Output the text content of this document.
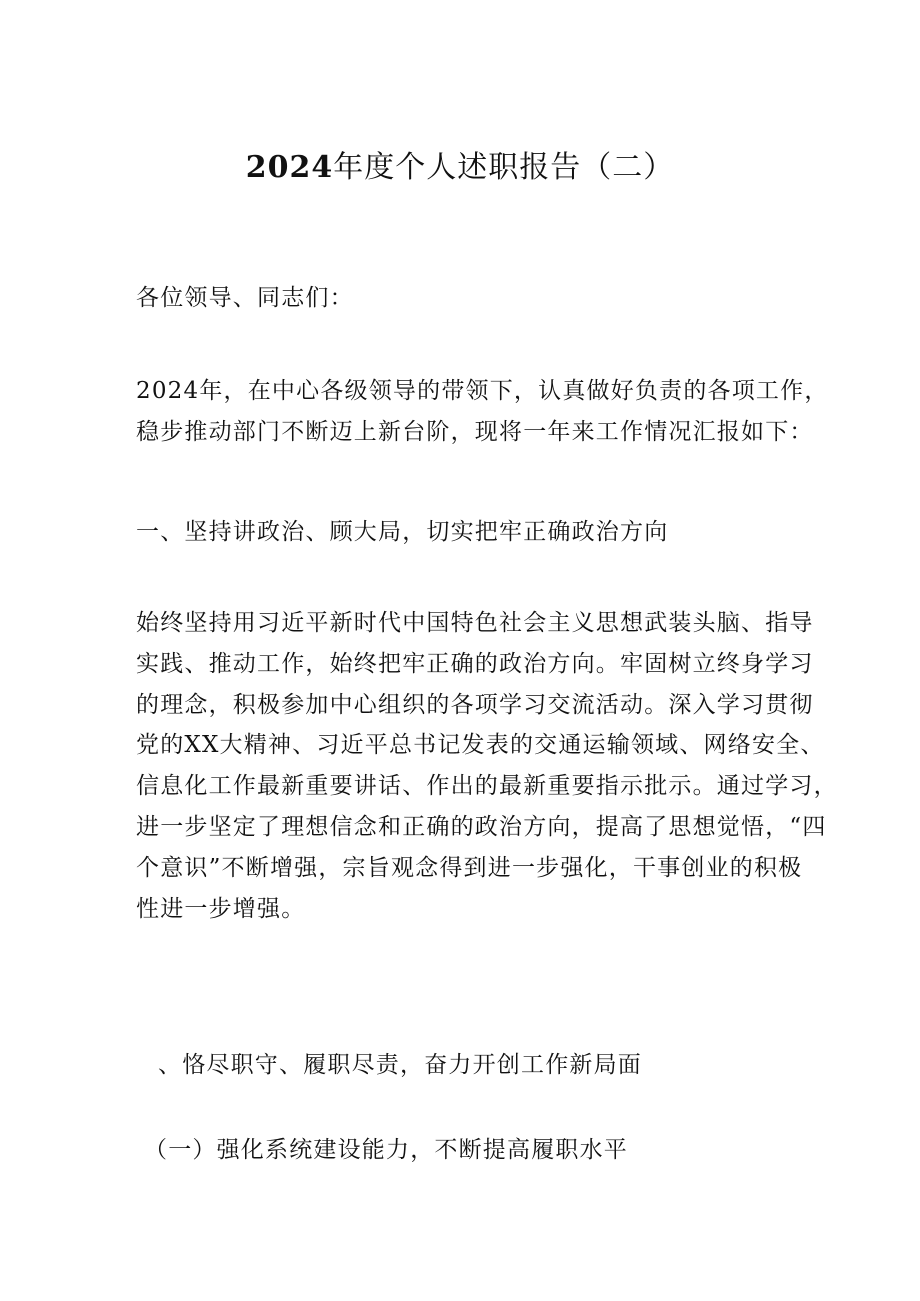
2024年度个人述职报告（二）

各位领导、同志们：

2024年，在中心各级领导的带领下，认真做好负责的各项工作，
稳步推动部门不断迈上新台阶，现将一年来工作情况汇报如下：

一、坚持讲政治、顾大局，切实把牢正确政治方向

始终坚持用习近平新时代中国特色社会主义思想武装头脑、指导
实践、推动工作，始终把牢正确的政治方向。牢固树立终身学习
的理念，积极参加中心组织的各项学习交流活动。深入学习贯彻
党的XX大精神、习近平总书记发表的交通运输领域、网络安全、
信息化工作最新重要讲话、作出的最新重要指示批示。通过学习，
进一步坚定了理想信念和正确的政治方向，提高了思想觉悟，“四
个意识”不断增强，宗旨观念得到进一步强化，干事创业的积极
性进一步增强。

、恪尽职守、履职尽责，奋力开创工作新局面

（一）强化系统建设能力，不断提高履职水平
